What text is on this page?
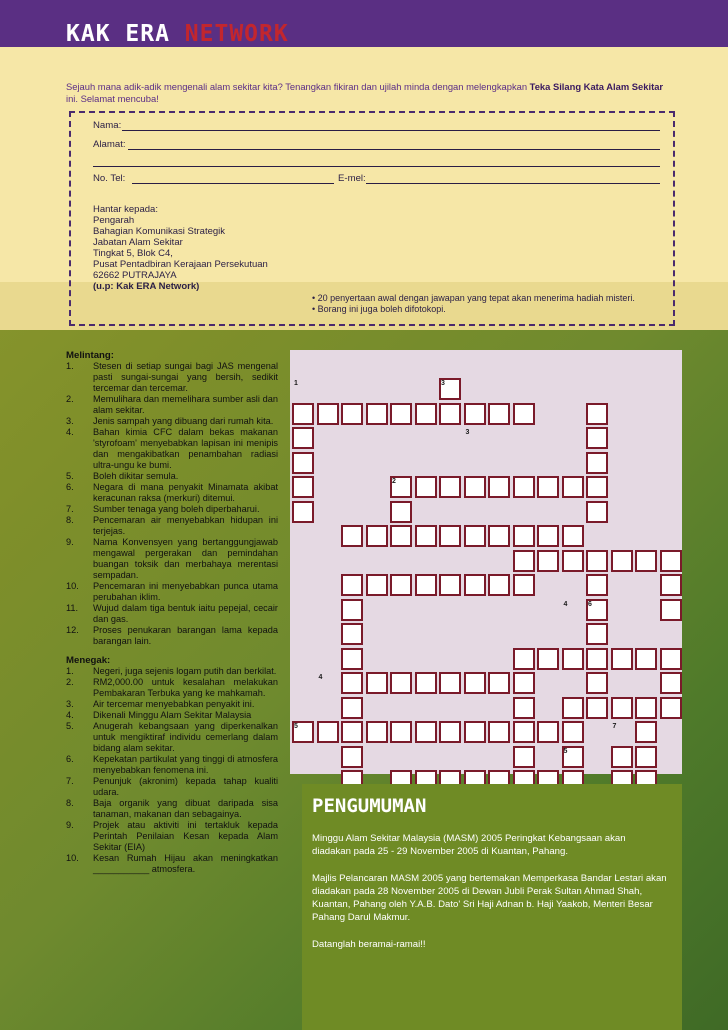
KAK ERA NETWORK
Sejauh mana adik-adik mengenali alam sekitar kita? Tenangkan fikiran dan ujilah minda dengan melengkapkan Teka Silang Kata Alam Sekitar ini. Selamat mencuba!
Nama:
Alamat:
No. Tel:	E-mel:
Hantar kepada:
Pengarah
Bahagian Komunikasi Strategik
Jabatan Alam Sekitar
Tingkat 5, Blok C4,
Pusat Pentadbiran Kerajaan Persekutuan
62662 PUTRAJAYA
(u.p: Kak ERA Network)
• 20 penyertaan awal dengan jawapan yang tepat akan menerima hadiah misteri.
• Borang ini juga boleh difotokopi.
Melintang:
1.	Stesen di setiap sungai bagi JAS mengenal pasti sungai-sungai yang bersih, sedikit tercemar dan tercemar.
2.	Memulihara dan memelihara sumber asli dan alam sekitar.
3.	Jenis sampah yang dibuang dari rumah kita.
4.	Bahan kimia CFC dalam bekas makanan 'styrofoam' menyebabkan lapisan ini menipis dan mengakibatkan penambahan radiasi ultra-ungu ke bumi.
5.	Boleh dikitar semula.
6.	Negara di mana penyakit Minamata akibat keracunan raksa (merkuri) ditemui.
7.	Sumber tenaga yang boleh diperbaharui.
8.	Pencemaran air menyebabkan hidupan ini terjejas.
9.	Nama Konvensyen yang bertanggungjawab mengawal pergerakan dan pemindahan buangan toksik dan merbahaya merentasi sempadan.
10.	Pencemaran ini menyebabkan punca utama perubahan iklim.
11.	Wujud dalam tiga bentuk iaitu pepejal, cecair dan gas.
12.	Proses penukaran barangan lama kepada barangan lain.
Menegak:
1.	Negeri, juga sejenis logam putih dan berkilat.
2.	RM2,000.00 untuk kesalahan melakukan Pembakaran Terbuka yang ke mahkamah.
3.	Air tercemar menyebabkan penyakit ini.
4.	Dikenali Minggu Alam Sekitar Malaysia
5.	Anugerah kebangsaan yang diperkenalkan untuk mengiktiraf individu cemerlang dalam bidang alam sekitar.
6.	Kepekatan partikulat yang tinggi di atmosfera menyebabkan fenomena ini.
7.	Penunjuk (akronim) kepada tahap kualiti udara.
8.	Baja organik yang dibuat daripada sisa tanaman, makanan dan sebagainya.
9.	Projek atau aktiviti ini tertakluk kepada Perintah Penilaian Kesan kepada Alam Sekitar (EIA)
10.	Kesan Rumah Hijau akan meningkatkan ___________ atmosfera.
1
2
3
3
4
4
5
5
6
7
PENGUMUMAN

Minggu Alam Sekitar Malaysia (MASM) 2005 Peringkat Kebangsaan akan diadakan pada 25 - 29 November 2005 di Kuantan, Pahang.

Majlis Pelancaran MASM 2005 yang bertemakan Memperkasa Bandar Lestari akan diadakan pada 28 November 2005 di Dewan Jubli Perak Sultan Ahmad Shah, Kuantan, Pahang oleh Y.A.B. Dato' Sri Haji Adnan b. Haji Yaakob, Menteri Besar Pahang Darul Makmur.

Datanglah beramai-ramai!!
